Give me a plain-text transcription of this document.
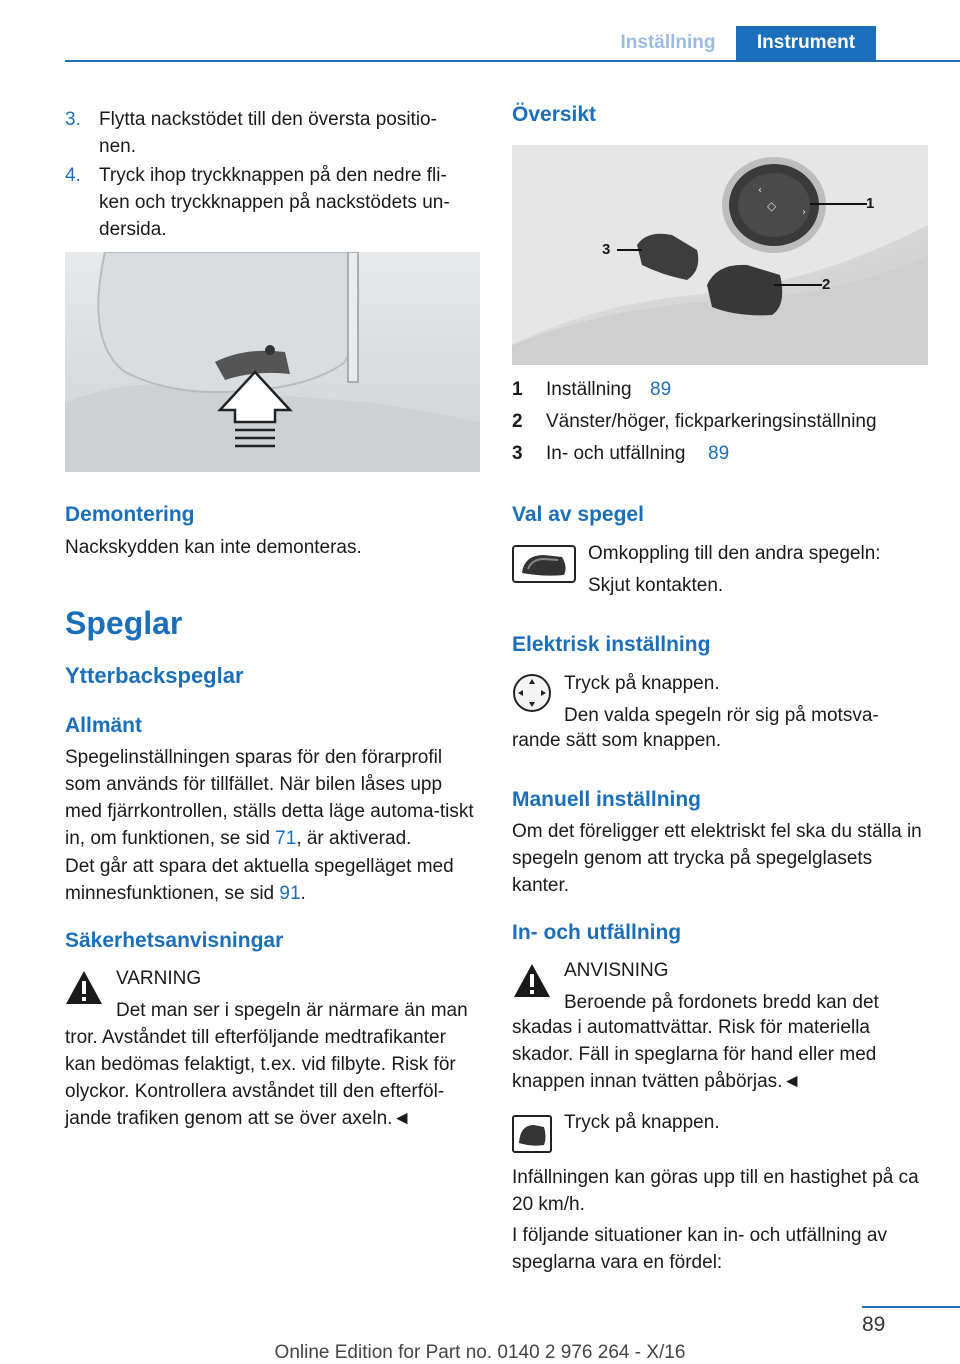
Inställning	Instrument
3. Flytta nackstödet till den översta positio-
nen.
4. Tryck ihop tryckknappen på den nedre fli-
ken och tryckknappen på nackstödets un-
dersida.
Demontering
Nackskydden kan inte demonteras.
Speglar
Ytterbackspeglar
Allmänt
Spegelinställningen sparas för den förarprofil som används för tillfället. När bilen låses upp med fjärrkontrollen, ställs detta läge automa-tiskt in, om funktionen, se sid 71, är aktiverad.
Det går att spara det aktuella spegelläget med minnesfunktionen, se sid 91.
Säkerhetsanvisningar
VARNING
Det man ser i spegeln är närmare än man tror. Avståndet till efterföljande medtrafikanter kan bedömas felaktigt, t.ex. vid filbyte. Risk för olyckor. Kontrollera avståndet till den efterföl-jande trafiken genom att se över axeln.◄
Översikt
◇
‹
›
1
2
3
1 Inställning 89
2 Vänster/höger, fickparkeringsinställning
3 In- och utfällning 89
Val av spegel
Omkoppling till den andra spegeln:
Skjut kontakten.
Elektrisk inställning
Tryck på knappen.
Den valda spegeln rör sig på motsva-
rande sätt som knappen.
Manuell inställning
Om det föreligger ett elektriskt fel ska du ställa in spegeln genom att trycka på spegelglasets kanter.
In- och utfällning
ANVISNING
Beroende på fordonets bredd kan det
skadas i automattvättar. Risk för materiella skador. Fäll in speglarna för hand eller med knappen innan tvätten påbörjas.◄
Tryck på knappen.
Infällningen kan göras upp till en hastighet på ca 20 km/h.
I följande situationer kan in- och utfällning av speglarna vara en fördel:
89
Online Edition for Part no. 0140 2 976 264 - X/16
